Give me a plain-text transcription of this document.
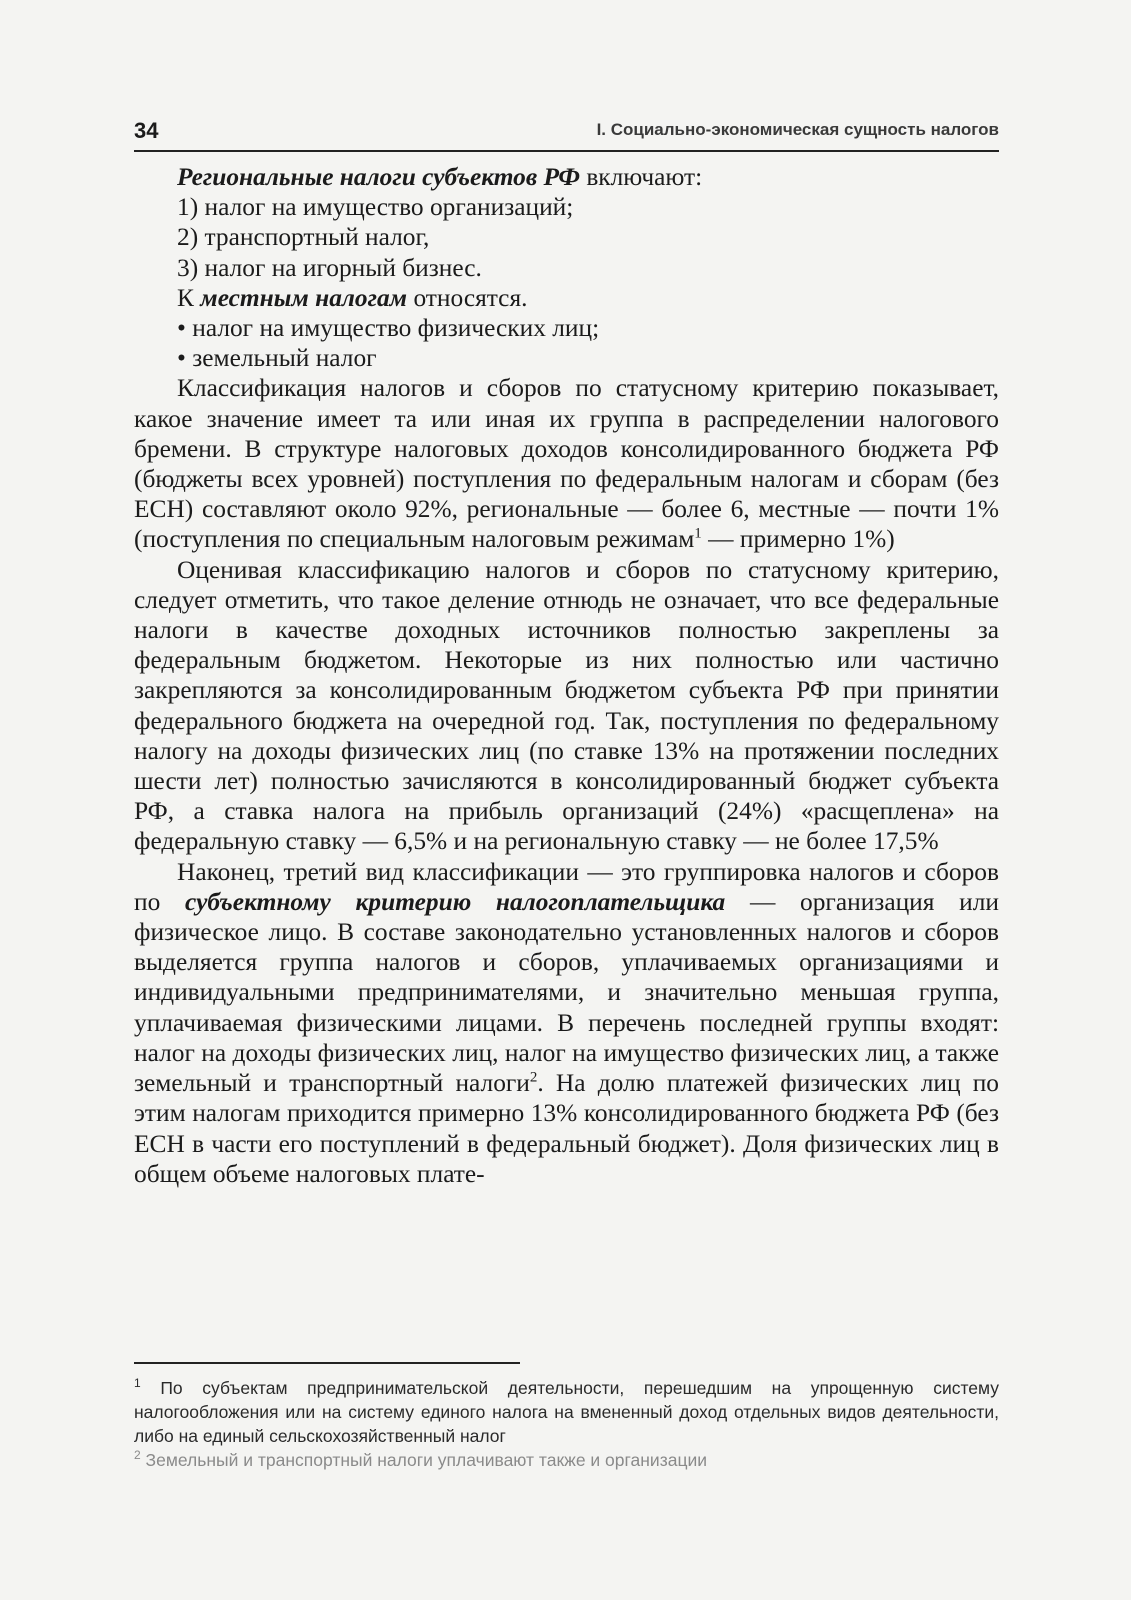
34	I. Социально-экономическая сущность налогов

Региональные налоги субъектов РФ включают:

1) налог на имущество организаций;

2) транспортный налог,

3) налог на игорный бизнес.

К местным налогам относятся.

• налог на имущество физических лиц;

• земельный налог

Классификация налогов и сборов по статусному критерию показывает, какое значение имеет та или иная их группа в распределении налогового бремени. В структуре налоговых доходов консолидированного бюджета РФ (бюджеты всех уровней) поступления по федеральным налогам и сборам (без ЕСН) составляют около 92%, региональные — более 6, местные — почти 1% (поступления по специальным налоговым режимам$^1$ — примерно 1%)

Оценивая классификацию налогов и сборов по статусному критерию, следует отметить, что такое деление отнюдь не означает, что все федеральные налоги в качестве доходных источников полностью закреплены за федеральным бюджетом. Некоторые из них полностью или частично закрепляются за консолидированным бюджетом субъекта РФ при принятии федерального бюджета на очередной год. Так, поступления по федеральному налогу на доходы физических лиц (по ставке 13% на протяжении последних шести лет) полностью зачисляются в консолидированный бюджет субъекта РФ, а ставка налога на прибыль организаций (24%) «расщеплена» на федеральную ставку — 6,5% и на региональную ставку — не более 17,5%

Наконец, третий вид классификации — это группировка налогов и сборов по субъектному критерию налогоплательщика — организация или физическое лицо. В составе законодательно установленных налогов и сборов выделяется группа налогов и сборов, уплачиваемых организациями и индивидуальными предпринимателями, и значительно меньшая группа, уплачиваемая физическими лицами. В перечень последней группы входят: налог на доходы физических лиц, налог на имущество физических лиц, а также земельный и транспортный налоги$^2$. На долю платежей физических лиц по этим налогам приходится примерно 13% консолидированного бюджета РФ (без ЕСН в части его поступлений в федеральный бюджет). Доля физических лиц в общем объеме налоговых плате-

$^1$ По субъектам предпринимательской деятельности, перешедшим на упрощенную систему налогообложения или на систему единого налога на вмененный доход отдельных видов деятельности, либо на единый сельскохозяйственный налог

$^2$ Земельный и транспортный налоги уплачивают также и организации
